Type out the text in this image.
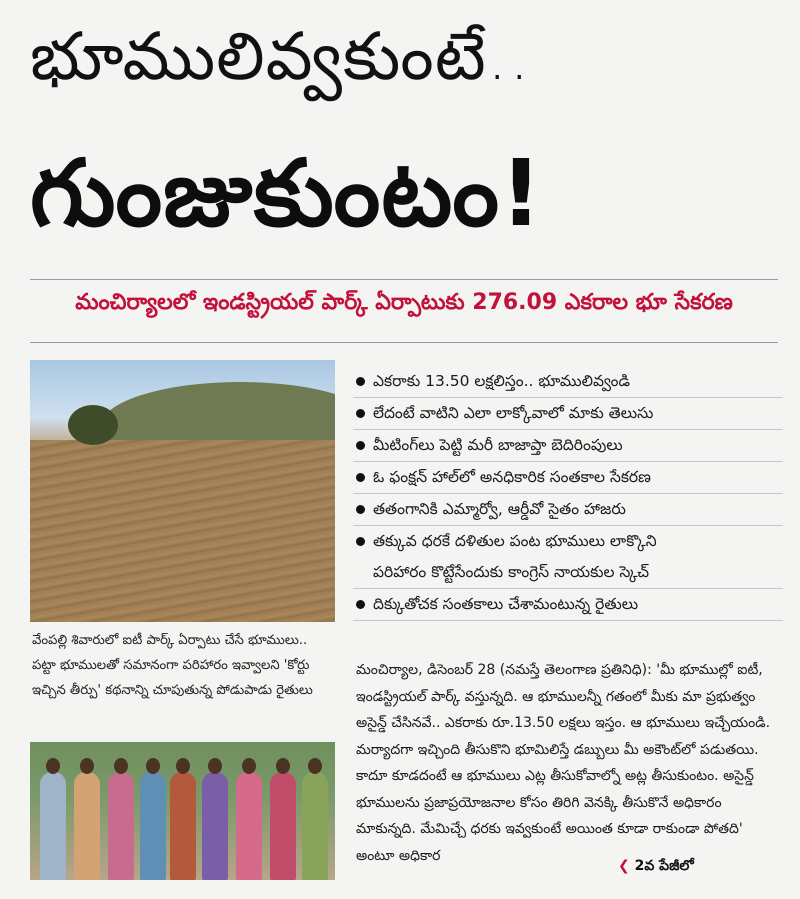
భూములివ్వకుంటే..
గుంజుకుంటం!
మంచిర్యాలలో ఇండస్ట్రియల్ పార్క్ ఏర్పాటుకు 276.09 ఎకరాల భూ సేకరణ
వేంపల్లి శివారులో ఐటీ పార్క్ ఏర్పాటు చేసే భూములు.. పట్టా భూములతో సమానంగా పరిహారం ఇవ్వాలని 'కోర్టు ఇచ్చిన తీర్పు' కథనాన్ని చూపుతున్న పోడుపాడు రైతులు
ఎకరాకు 13.50 లక్షలిస్తం.. భూములివ్వండి
లేదంటే వాటిని ఎలా లాక్కోవాలో మాకు తెలుసు
మీటింగ్‌లు పెట్టి మరీ బాజాప్తా బెదిరింపులు
ఓ ఫంక్షన్ హాల్‌లో అనధికారిక సంతకాల సేకరణ
తతంగానికి ఎమ్మార్వో, ఆర్డీవో సైతం హాజరు
తక్కువ ధరకే దళితుల పంట భూములు లాక్కొని
పరిహారం కొట్టేసేందుకు కాంగ్రెస్ నాయకుల స్కెచ్
దిక్కుతోచక సంతకాలు చేశామంటున్న రైతులు
మంచిర్యాల, డిసెంబర్ 28 (నమస్తే తెలంగాణ ప్రతినిధి): 'మీ భూముల్లో ఐటీ, ఇండస్ట్రియల్ పార్క్ వస్తున్నది. ఆ భూములన్నీ గతంలో మీకు మా ప్రభుత్వం అసైన్డ్ చేసినవే.. ఎకరాకు రూ.13.50 లక్షలు ఇస్తం. ఆ భూములు ఇచ్చేయండి. మర్యాదగా ఇచ్చింది తీసుకొని భూమిలిస్తే డబ్బులు మీ అకౌంట్‌లో పడుతయి. కాదూ కూడదంటే ఆ భూములు ఎట్ల తీసుకోవాల్నో అట్ల తీసుకుంటం. అసైన్డ్ భూములను ప్రజాప్రయోజనాల కోసం తిరిగి వెనక్కి తీసుకొనే అధికారం మాకున్నది. మేమిచ్చే ధరకు ఇవ్వకుంటే అయింత కూడా రాకుండా పోతది' అంటూ అధికార
❮ 2వ పేజీలో
